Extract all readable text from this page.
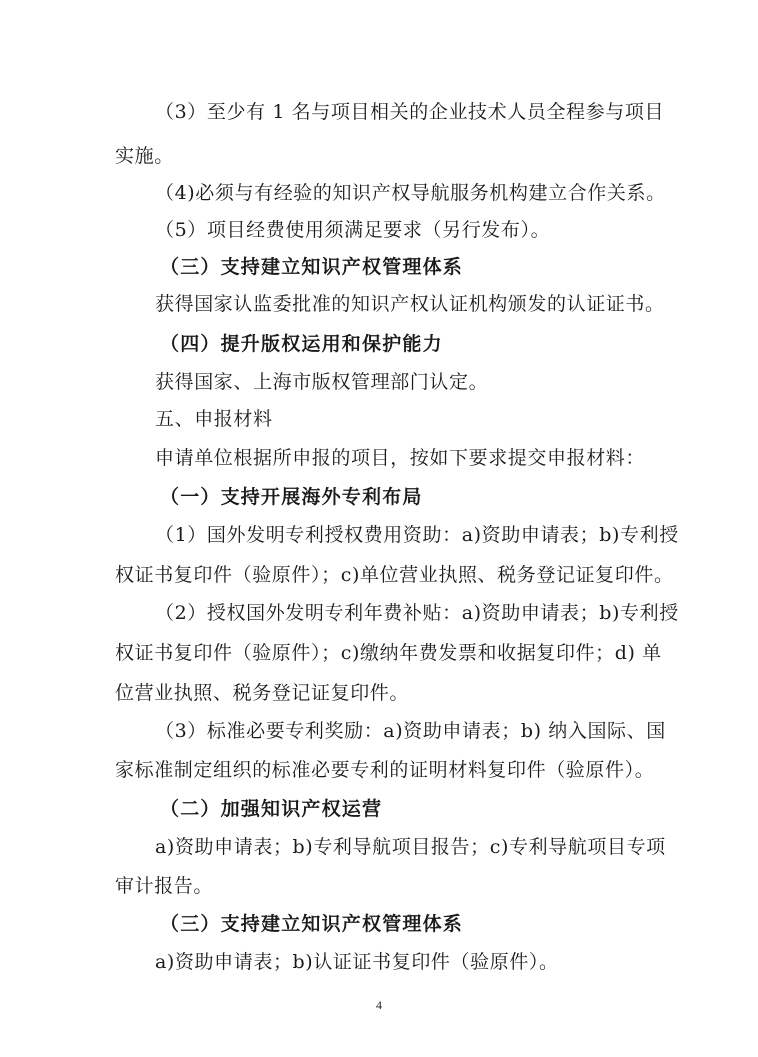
（3）至少有 1 名与项目相关的企业技术人员全程参与项目
实施。
（4)必须与有经验的知识产权导航服务机构建立合作关系。
（5）项目经费使用须满足要求（另行发布）。
（三）支持建立知识产权管理体系
获得国家认监委批准的知识产权认证机构颁发的认证证书。
（四）提升版权运用和保护能力
获得国家、上海市版权管理部门认定。
五、申报材料
申请单位根据所申报的项目，按如下要求提交申报材料：
（一）支持开展海外专利布局
（1）国外发明专利授权费用资助：a)资助申请表；b)专利授
权证书复印件（验原件）；c)单位营业执照、税务登记证复印件。
（2）授权国外发明专利年费补贴：a)资助申请表；b)专利授
权证书复印件（验原件）；c)缴纳年费发票和收据复印件；d) 单
位营业执照、税务登记证复印件。
（3）标准必要专利奖励：a)资助申请表；b) 纳入国际、国
家标准制定组织的标准必要专利的证明材料复印件（验原件）。
（二）加强知识产权运营
a)资助申请表；b)专利导航项目报告；c)专利导航项目专项
审计报告。
（三）支持建立知识产权管理体系
a)资助申请表；b)认证证书复印件（验原件）。
4
